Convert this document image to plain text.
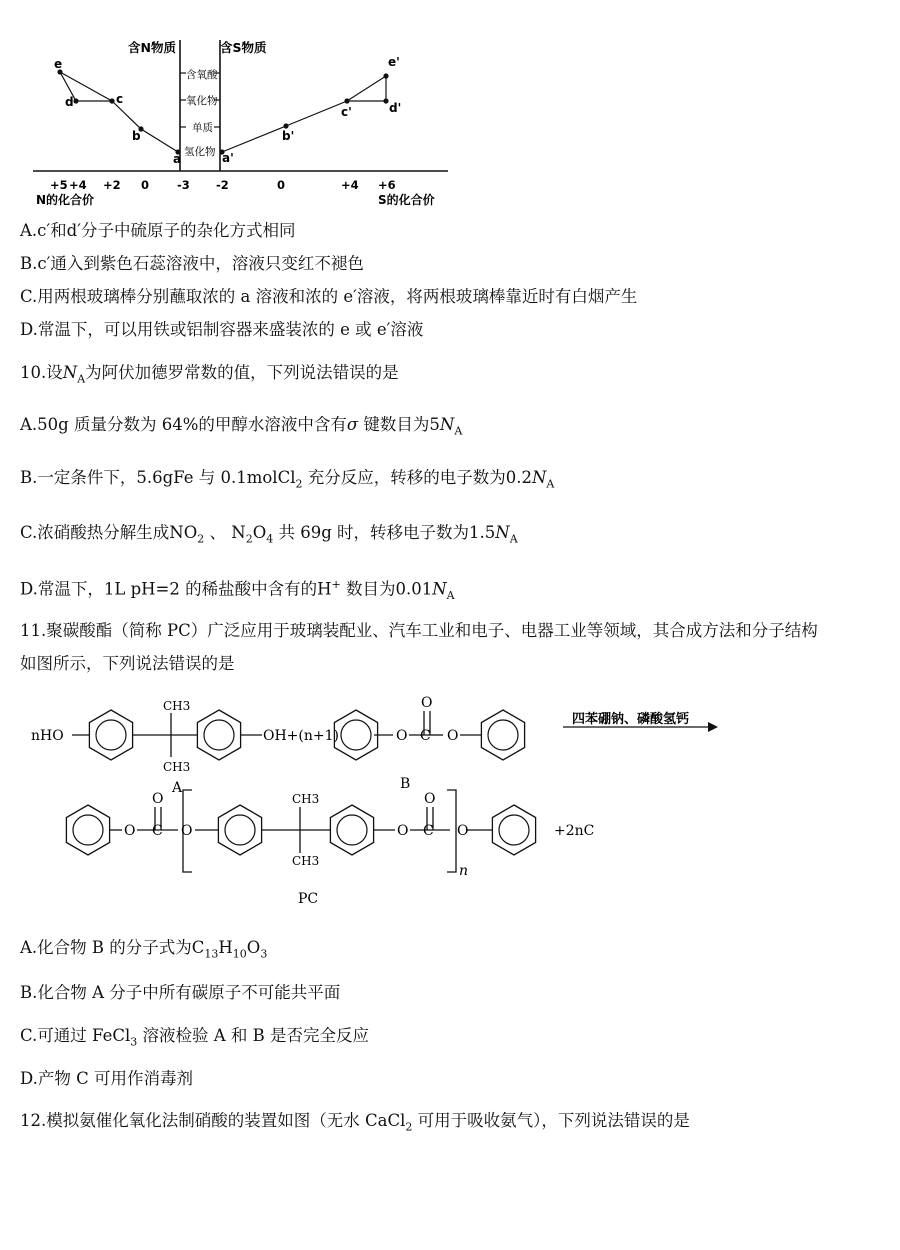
含N物质	含S物质
含氧酸
氧化物
单质
氢化物
e
d	c
b
a	a'
b'
c'	d'
e'
+5 +4 +2 0 -3 -2	0	+4 +6
N的化合价	S的化合价
A.c′和d′分子中硫原子的杂化方式相同
B.c′通入到紫色石蕊溶液中，溶液只变红不褪色
C.用两根玻璃棒分别蘸取浓的 a 溶液和浓的 e′溶液，将两根玻璃棒靠近时有白烟产生
D.常温下，可以用铁或铝制容器来盛装浓的 e 或 e′溶液
10.设$N_A$为阿伏加德罗常数的值，下列说法错误的是
A.50g 质量分数为 64%的甲醇水溶液中含有σ 键数目为$5N_A$
B.一定条件下，5.6gFe 与 0.1molCl$_2$ 充分反应，转移的电子数为$0.2N_A$
C.浓硝酸热分解生成$NO_2$ 、 $N_2O_4$ 共 69g 时，转移电子数为$1.5N_A$
D.常温下，1L pH=2 的稀盐酸中含有的H+ 数目为$0.01N_A$
11.聚碳酸酯（简称 PC）广泛应用于玻璃装配业、汽车工业和电子、电器工业等领域，其合成方法和分子结构
如图所示，下列说法错误的是
nHO
CH3
CH3
OH+(n+1)	O C
O
O
A	B
四苯硼钠、磷酸氢钙
O C
O
O
CH3
CH3
O C
O
n
O	+2nC
PC
A.化合物 B 的分子式为$C_{13}H_{10}O_3$
B.化合物 A 分子中所有碳原子不可能共平面
C.可通过 FeCl$_3$ 溶液检验 A 和 B 是否完全反应
D.产物 C 可用作消毒剂
12.模拟氨催化氧化法制硝酸的装置如图（无水 CaCl$_2$ 可用于吸收氨气），下列说法错误的是
